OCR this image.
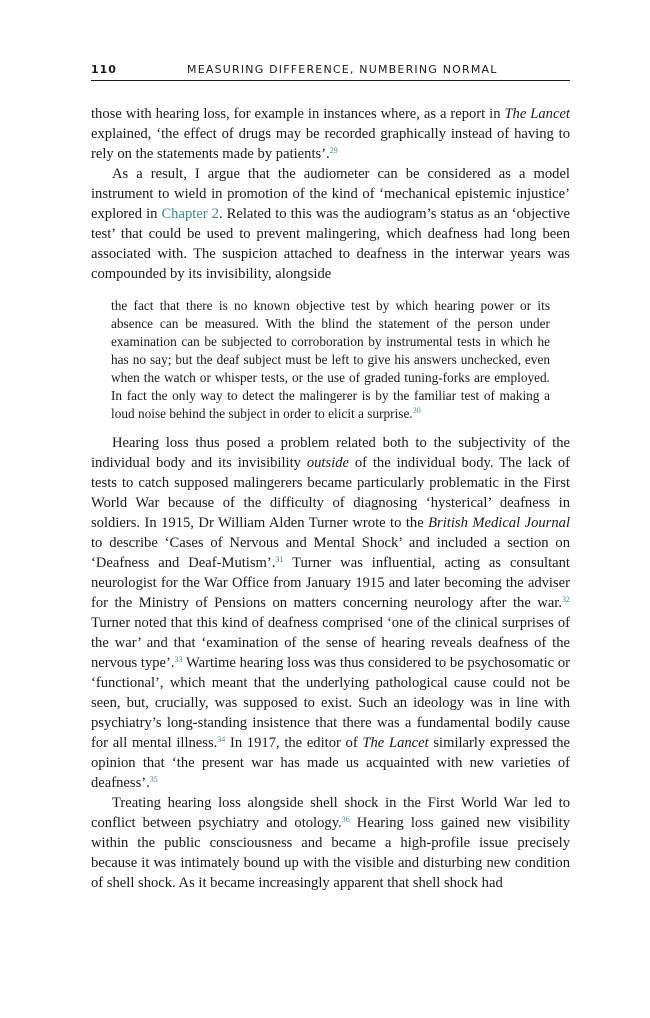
110	MEASURING DIFFERENCE, NUMBERING NORMAL

those with hearing loss, for example in instances where, as a report in The Lancet explained, ‘the effect of drugs may be recorded graphically instead of having to rely on the statements made by patients’.$^{29}$

As a result, I argue that the audiometer can be considered as a model instrument to wield in promotion of the kind of ‘mechanical epistemic injustice’ explored in Chapter 2. Related to this was the audiogram’s status as an ‘objective test’ that could be used to prevent malingering, which deafness had long been associated with. The suspicion attached to deafness in the interwar years was compounded by its invisibility, alongside

the fact that there is no known objective test by which hearing power or its absence can be measured. With the blind the statement of the person under examination can be subjected to corroboration by instrumental tests in which he has no say; but the deaf subject must be left to give his answers unchecked, even when the watch or whisper tests, or the use of graded tuning-forks are employed. In fact the only way to detect the malingerer is by the familiar test of making a loud noise behind the subject in order to elicit a surprise.$^{30}$

Hearing loss thus posed a problem related both to the subjectivity of the individual body and its invisibility outside of the individual body. The lack of tests to catch supposed malingerers became particularly problematic in the First World War because of the difficulty of diagnosing ‘hysterical’ deafness in soldiers. In 1915, Dr William Alden Turner wrote to the British Medical Journal to describe ‘Cases of Nervous and Mental Shock’ and included a section on ‘Deafness and Deaf-Mutism’.$^{31}$ Turner was influential, acting as consultant neurologist for the War Office from January 1915 and later becoming the adviser for the Ministry of Pensions on matters concerning neurology after the war.$^{32}$ Turner noted that this kind of deafness comprised ‘one of the clinical surprises of the war’ and that ‘examination of the sense of hearing reveals deafness of the nervous type’.$^{33}$ Wartime hearing loss was thus considered to be psychosomatic or ‘functional’, which meant that the underlying pathological cause could not be seen, but, crucially, was supposed to exist. Such an ideology was in line with psychiatry’s long-standing insistence that there was a fundamental bodily cause for all mental illness.$^{34}$ In 1917, the editor of The Lancet similarly expressed the opinion that ‘the present war has made us acquainted with new varieties of deafness’.$^{35}$

Treating hearing loss alongside shell shock in the First World War led to conflict between psychiatry and otology.$^{36}$ Hearing loss gained new visibility within the public consciousness and became a high-profile issue precisely because it was intimately bound up with the visible and disturbing new condition of shell shock. As it became increasingly apparent that shell shock had
